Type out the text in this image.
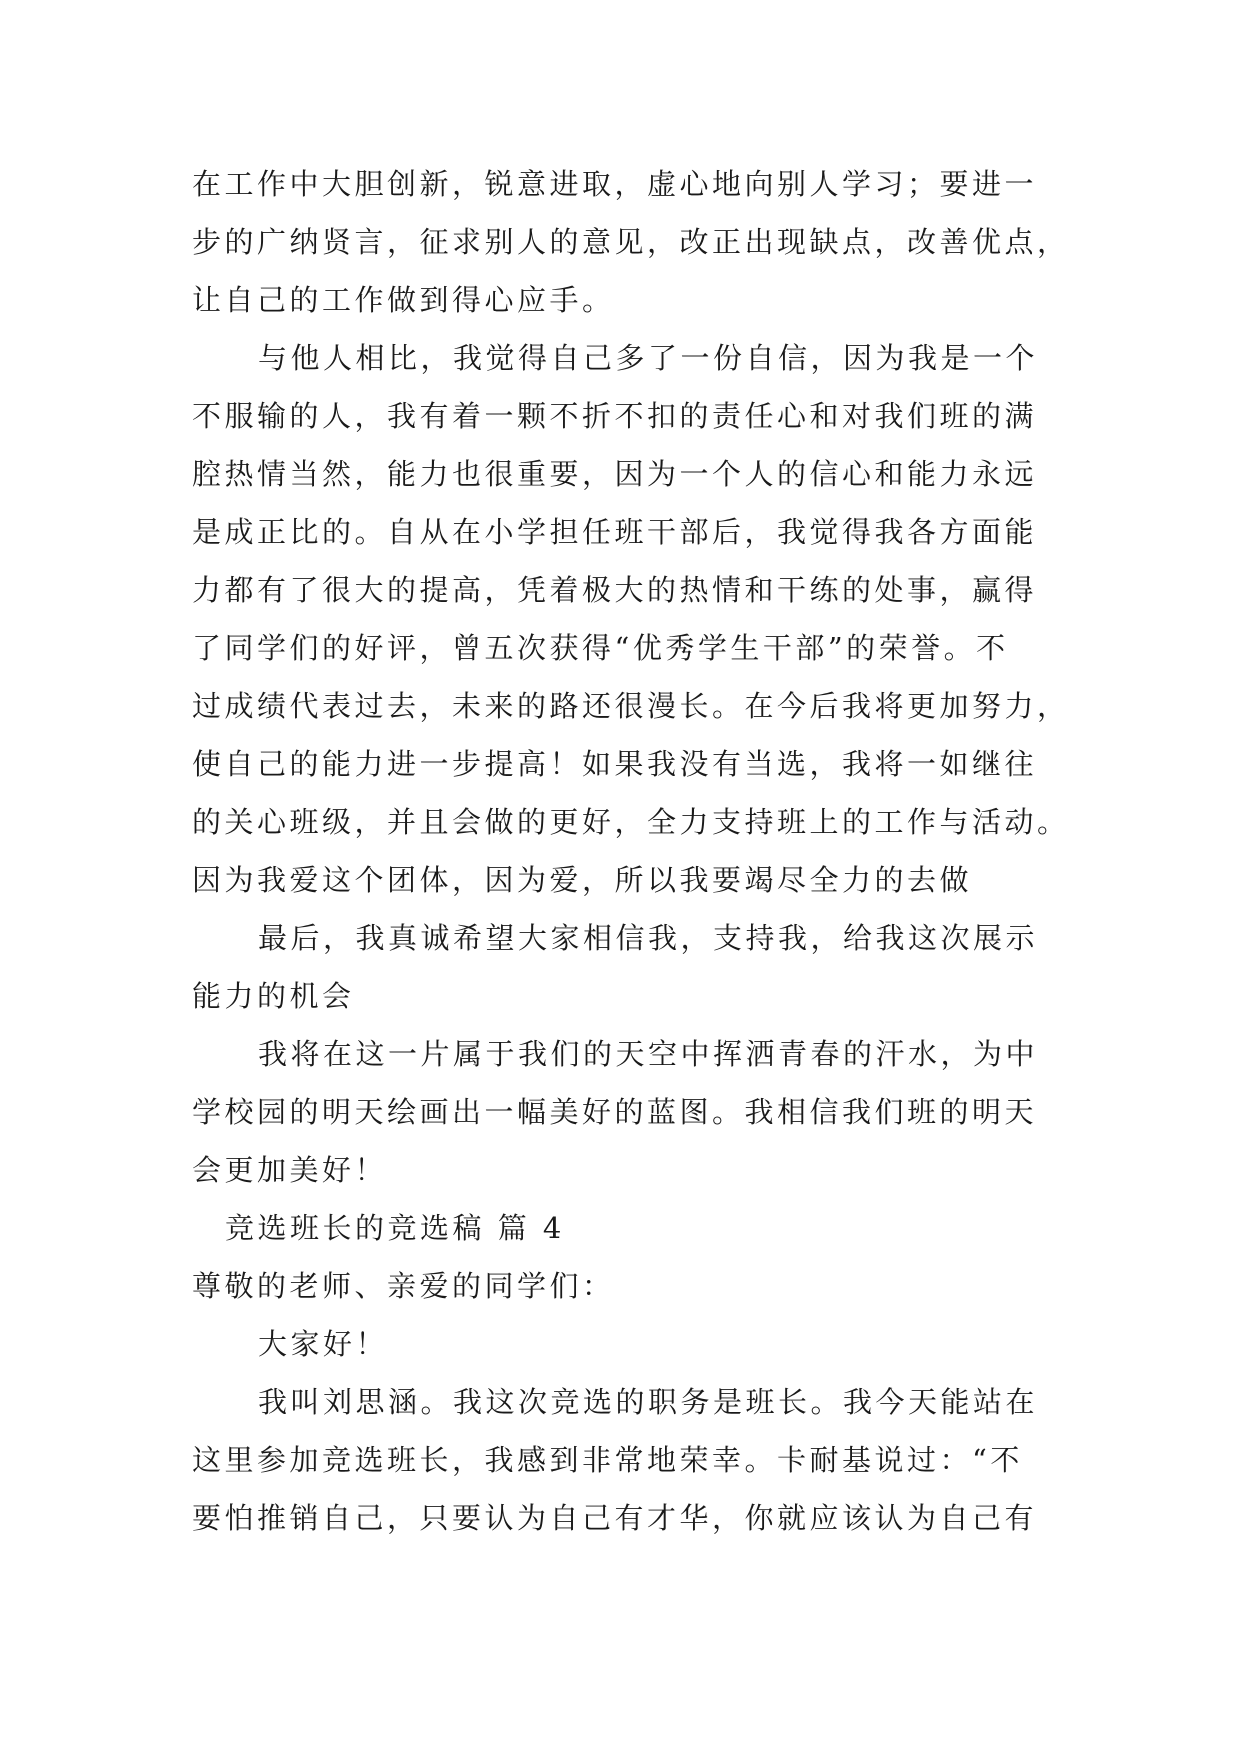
在工作中大胆创新，锐意进取，虚心地向别人学习；要进一
步的广纳贤言，征求别人的意见，改正出现缺点，改善优点，
让自己的工作做到得心应手。
与他人相比，我觉得自己多了一份自信，因为我是一个
不服输的人，我有着一颗不折不扣的责任心和对我们班的满
腔热情当然，能力也很重要，因为一个人的信心和能力永远
是成正比的。自从在小学担任班干部后，我觉得我各方面能
力都有了很大的提高，凭着极大的热情和干练的处事，赢得
了同学们的好评，曾五次获得“优秀学生干部”的荣誉。不
过成绩代表过去，未来的路还很漫长。在今后我将更加努力，
使自己的能力进一步提高！如果我没有当选，我将一如继往
的关心班级，并且会做的更好，全力支持班上的工作与活动。
因为我爱这个团体，因为爱，所以我要竭尽全力的去做
最后，我真诚希望大家相信我，支持我，给我这次展示
能力的机会
我将在这一片属于我们的天空中挥洒青春的汗水，为中
学校园的明天绘画出一幅美好的蓝图。我相信我们班的明天
会更加美好！
竞选班长的竞选稿 篇 4
尊敬的老师、亲爱的同学们：
大家好！
我叫刘思涵。我这次竞选的职务是班长。我今天能站在
这里参加竞选班长，我感到非常地荣幸。卡耐基说过：“不
要怕推销自己，只要认为自己有才华，你就应该认为自己有
